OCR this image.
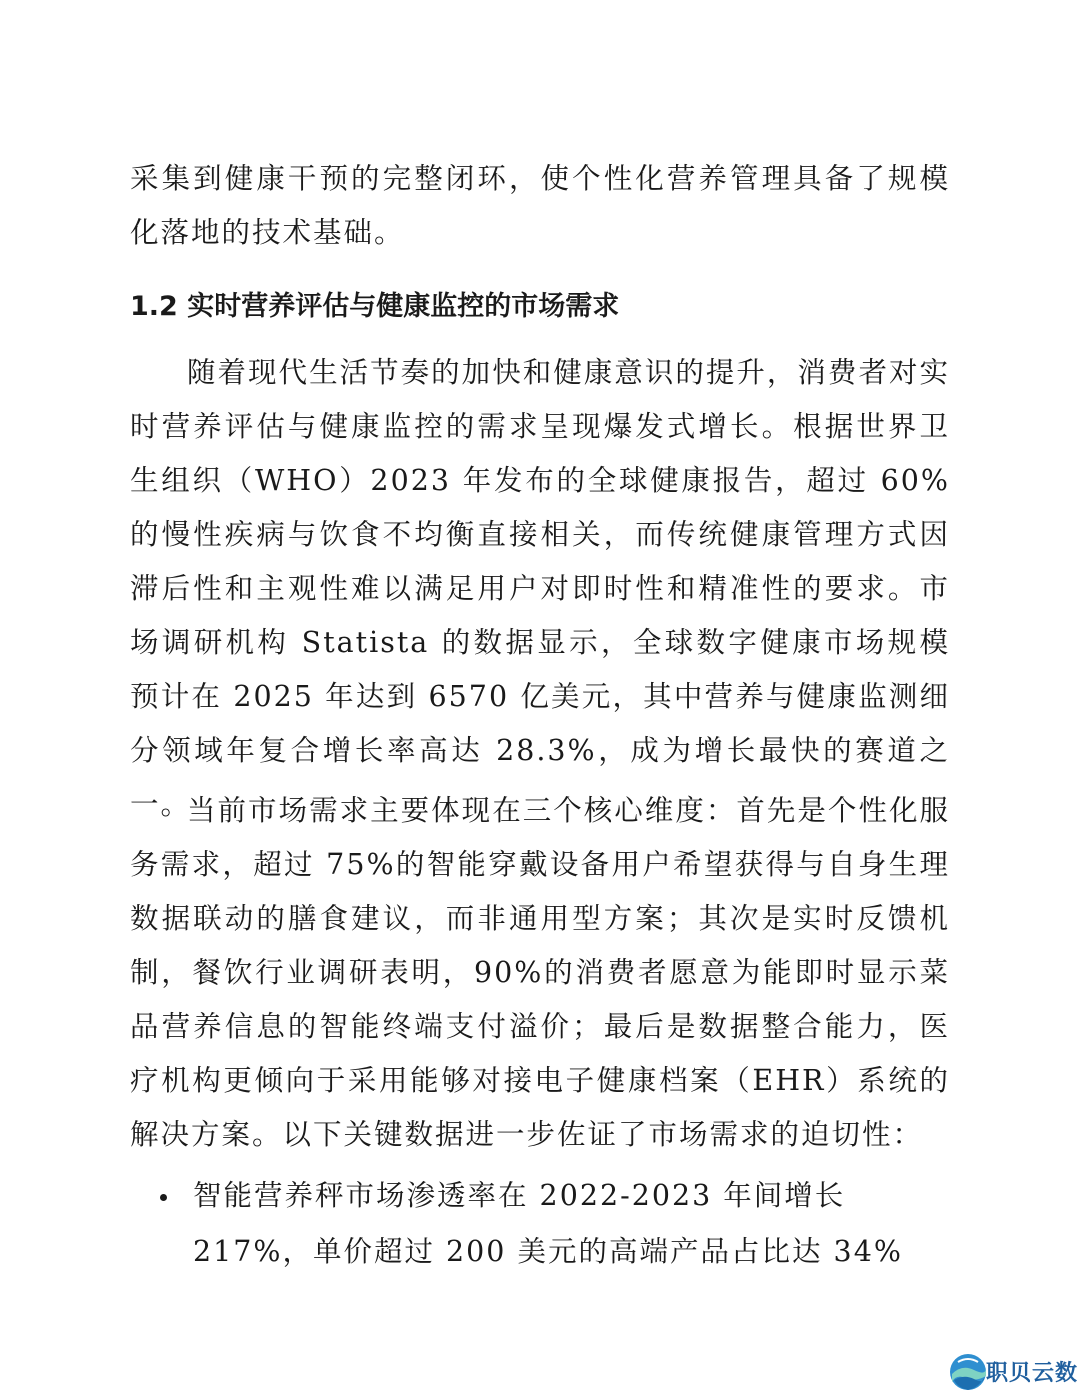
采集到健康干预的完整闭环，使个性化营养管理具备了规模化落地的技术基础。

1.2 实时营养评估与健康监控的市场需求

随着现代生活节奏的加快和健康意识的提升，消费者对实时营养评估与健康监控的需求呈现爆发式增长。根据世界卫生组织（WHO）2023 年发布的全球健康报告，超过 60%的慢性疾病与饮食不均衡直接相关，而传统健康管理方式因滞后性和主观性难以满足用户对即时性和精准性的要求。市场调研机构 Statista 的数据显示，全球数字健康市场规模预计在 2025 年达到 6570 亿美元，其中营养与健康监测细分领域年复合增长率高达 28.3%，成为增长最快的赛道之一。

当前市场需求主要体现在三个核心维度：首先是个性化服务需求，超过 75%的智能穿戴设备用户希望获得与自身生理数据联动的膳食建议，而非通用型方案；其次是实时反馈机制，餐饮行业调研表明，90%的消费者愿意为能即时显示菜品营养信息的智能终端支付溢价；最后是数据整合能力，医疗机构更倾向于采用能够对接电子健康档案（EHR）系统的解决方案。以下关键数据进一步佐证了市场需求的迫切性：

智能营养秤市场渗透率在 2022-2023 年间增长 217%，单价超过 200 美元的高端产品占比达 34%

职贝云数
